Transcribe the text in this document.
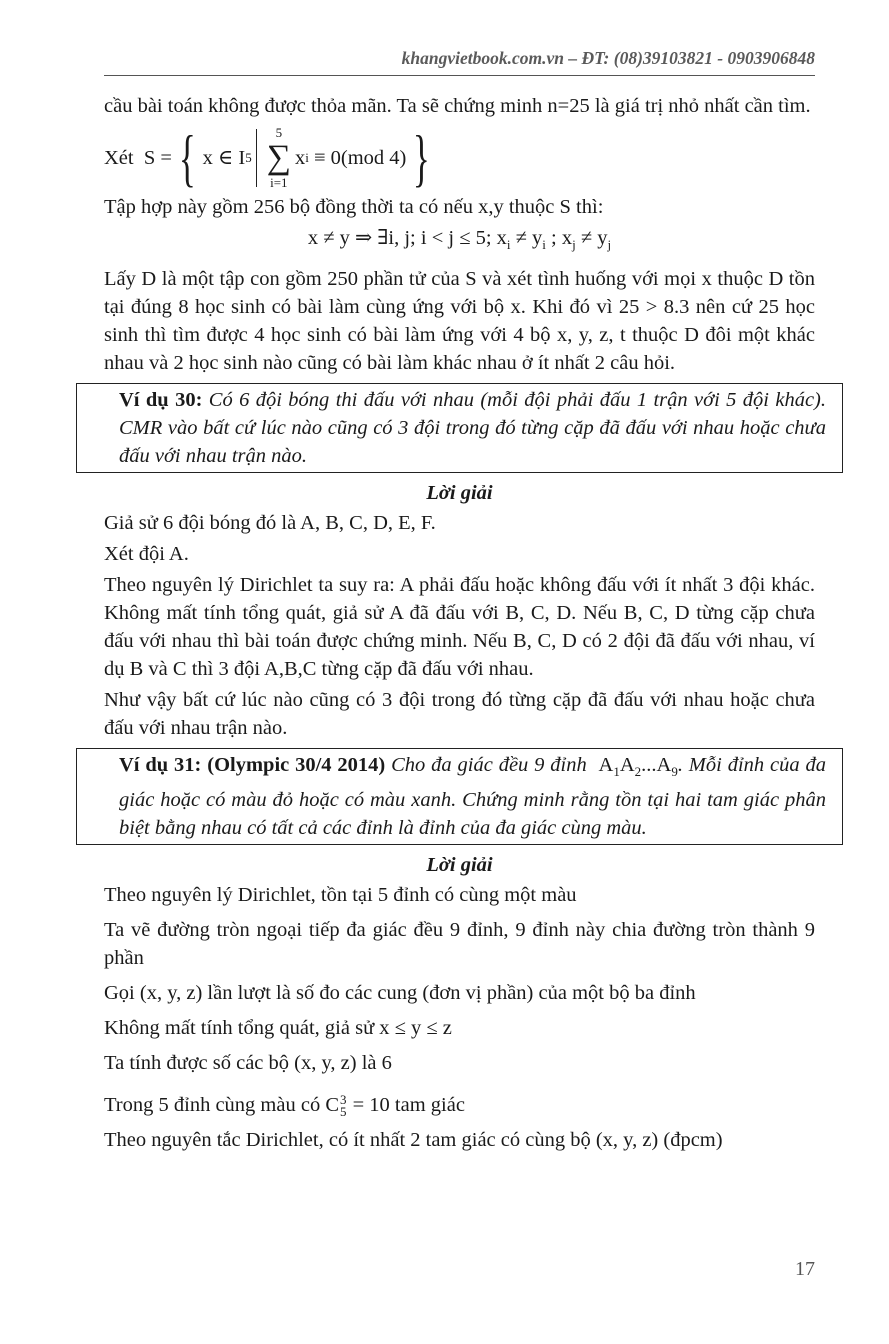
khangvietbook.com.vn – ĐT: (08)39103821 - 0903906848

cầu bài toán không được thỏa mãn. Ta sẽ chứng minh n=25 là giá trị nhỏ nhất cần tìm.

Xét
S = { x ∈ I 5
5
∑
i=1
x i
≡ 0(mod 4) }

Tập hợp này gồm 256 bộ đồng thời ta có nếu x,y thuộc S thì:

x ≠ y ⇒ ∃i, j; i < j ≤ 5; $x_i \ne y_i$ ; $x_j \ne y_j$

Lấy D là một tập con gồm 250 phần tử của S và xét tình huống với mọi x thuộc D tồn tại đúng 8 học sinh có bài làm cùng ứng với bộ x. Khi đó vì 25 > 8.3 nên cứ 25 học sinh thì tìm được 4 học sinh có bài làm ứng với 4 bộ x, y, z, t thuộc D đôi một khác nhau và 2 học sinh nào cũng có bài làm khác nhau ở ít nhất 2 câu hỏi.

Ví dụ 30: Có 6 đội bóng thi đấu với nhau (mỗi đội phải đấu 1 trận với 5 đội khác). CMR vào bất cứ lúc nào cũng có 3 đội trong đó từng cặp đã đấu với nhau hoặc chưa đấu với nhau trận nào.
Lời giải

Giả sử 6 đội bóng đó là A, B, C, D, E, F.

Xét đội A.

Theo nguyên lý Dirichlet ta suy ra: A phải đấu hoặc không đấu với ít nhất 3 đội khác. Không mất tính tổng quát, giả sử A đã đấu với B, C, D. Nếu B, C, D từng cặp chưa đấu với nhau thì bài toán được chứng minh. Nếu B, C, D có 2 đội đã đấu với nhau, ví dụ B và C thì 3 đội A,B,C từng cặp đã đấu với nhau.

Như vậy bất cứ lúc nào cũng có 3 đội trong đó từng cặp đã đấu với nhau hoặc chưa đấu với nhau trận nào.

Ví dụ 31: (Olympic 30/4 2014) Cho đa giác đều 9 đỉnh $A_1A_2...A_9$. Mỗi đỉnh của đa giác hoặc có màu đỏ hoặc có màu xanh. Chứng minh rằng tồn tại hai tam giác phân biệt bằng nhau có tất cả các đỉnh là đỉnh của đa giác cùng màu.
Lời giải

Theo nguyên lý Dirichlet, tồn tại 5 đỉnh có cùng một màu

Ta vẽ đường tròn ngoại tiếp đa giác đều 9 đỉnh, 9 đỉnh này chia đường tròn thành 9 phần

Gọi (x, y, z) lần lượt là số đo các cung (đơn vị phần) của một bộ ba đỉnh

Không mất tính tổng quát, giả sử x ≤ y ≤ z

Ta tính được số các bộ (x, y, z) là 6

Trong 5 đỉnh cùng màu có C 3
5 = 10 tam giác

Theo nguyên tắc Dirichlet, có ít nhất 2 tam giác có cùng bộ (x, y, z) (đpcm)

17
